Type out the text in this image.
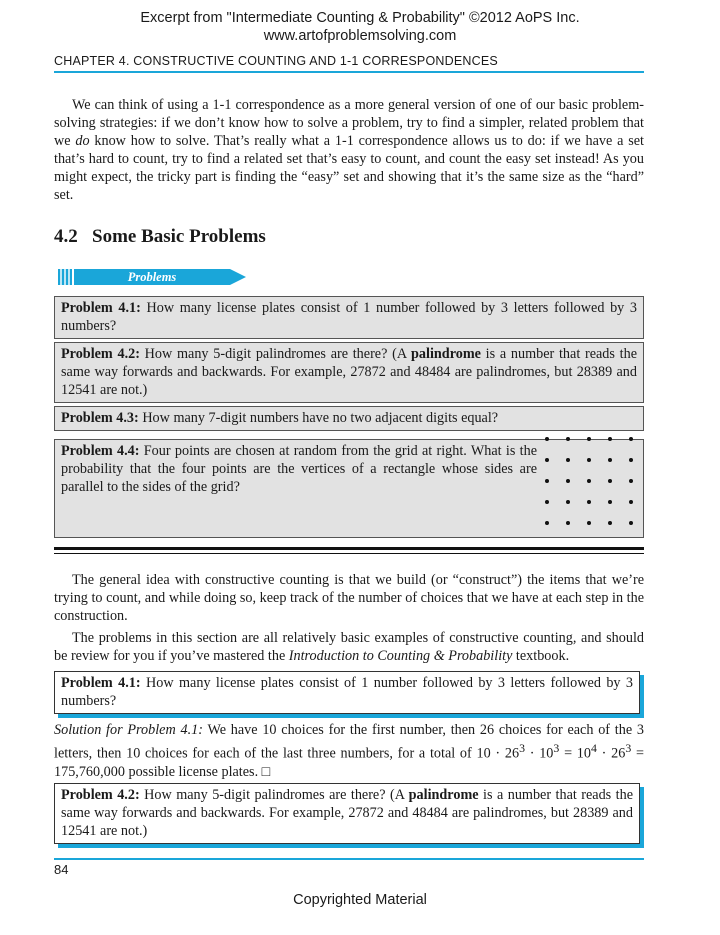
Excerpt from "Intermediate Counting & Probability" ©2012 AoPS Inc.
www.artofproblemsolving.com
CHAPTER 4. CONSTRUCTIVE COUNTING AND 1-1 CORRESPONDENCES
We can think of using a 1-1 correspondence as a more general version of one of our basic problem-solving strategies: if we don’t know how to solve a problem, try to find a simpler, related problem that we do know how to solve. That’s really what a 1-1 correspondence allows us to do: if we have a set that’s hard to count, try to find a related set that’s easy to count, and count the easy set instead! As you might expect, the tricky part is finding the “easy” set and showing that it’s the same size as the “hard” set.
4.2   Some Basic Problems
Problems
Problem 4.1: How many license plates consist of 1 number followed by 3 letters followed by 3 numbers?
Problem 4.2: How many 5-digit palindromes are there? (A palindrome is a number that reads the same way forwards and backwards. For example, 27872 and 48484 are palindromes, but 28389 and 12541 are not.)
Problem 4.3: How many 7-digit numbers have no two adjacent digits equal?
Problem 4.4: Four points are chosen at random from the grid at right. What is the probability that the four points are the vertices of a rectangle whose sides are parallel to the sides of the grid?
The general idea with constructive counting is that we build (or “construct”) the items that we’re trying to count, and while doing so, keep track of the number of choices that we have at each step in the construction.
The problems in this section are all relatively basic examples of constructive counting, and should be review for you if you’ve mastered the Introduction to Counting & Probability textbook.
Problem 4.1: How many license plates consist of 1 number followed by 3 letters followed by 3 numbers?
Solution for Problem 4.1: We have 10 choices for the first number, then 26 choices for each of the 3 letters, then 10 choices for each of the last three numbers, for a total of $10 \cdot 26^3 \cdot 10^3 = 10^4 \cdot 26^3 = 175,760,000$ possible license plates. □
Problem 4.2: How many 5-digit palindromes are there? (A palindrome is a number that reads the same way forwards and backwards. For example, 27872 and 48484 are palindromes, but 28389 and 12541 are not.)
84
Copyrighted Material
